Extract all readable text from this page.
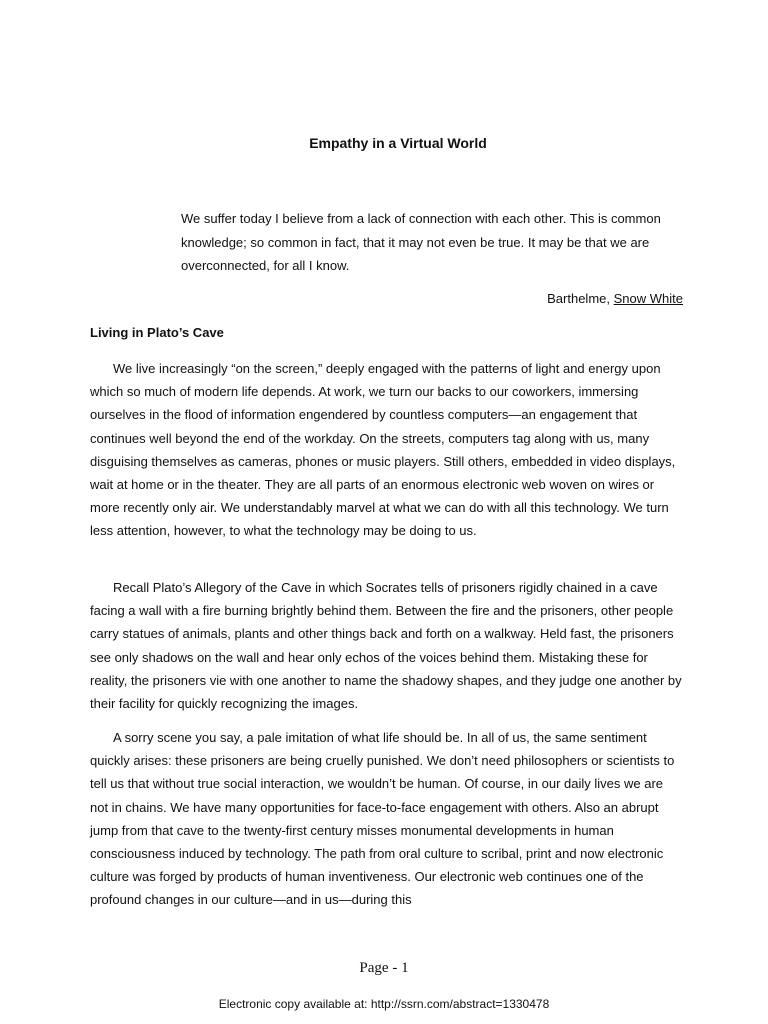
Empathy in a Virtual World

We suffer today I believe from a lack of connection with each other. This is common knowledge; so common in fact, that it may not even be true. It may be that we are overconnected, for all I know.

Barthelme, Snow White
Living in Plato’s Cave

We live increasingly “on the screen,” deeply engaged with the patterns of light and energy upon which so much of modern life depends. At work, we turn our backs to our coworkers, immersing ourselves in the flood of information engendered by countless computers—an engagement that continues well beyond the end of the workday. On the streets, computers tag along with us, many disguising themselves as cameras, phones or music players. Still others, embedded in video displays, wait at home or in the theater. They are all parts of an enormous electronic web woven on wires or more recently only air. We understandably marvel at what we can do with all this technology. We turn less attention, however, to what the technology may be doing to us.

Recall Plato’s Allegory of the Cave in which Socrates tells of prisoners rigidly chained in a cave facing a wall with a fire burning brightly behind them. Between the fire and the prisoners, other people carry statues of animals, plants and other things back and forth on a walkway. Held fast, the prisoners see only shadows on the wall and hear only echos of the voices behind them. Mistaking these for reality, the prisoners vie with one another to name the shadowy shapes, and they judge one another by their facility for quickly recognizing the images.

A sorry scene you say, a pale imitation of what life should be. In all of us, the same sentiment quickly arises: these prisoners are being cruelly punished. We don’t need philosophers or scientists to tell us that without true social interaction, we wouldn’t be human. Of course, in our daily lives we are not in chains. We have many opportunities for face-to-face engagement with others. Also an abrupt jump from that cave to the twenty-first century misses monumental developments in human consciousness induced by technology. The path from oral culture to scribal, print and now electronic culture was forged by products of human inventiveness. Our electronic web continues one of the profound changes in our culture—and in us—during this

Page - 1
Electronic copy available at: http://ssrn.com/abstract=1330478
